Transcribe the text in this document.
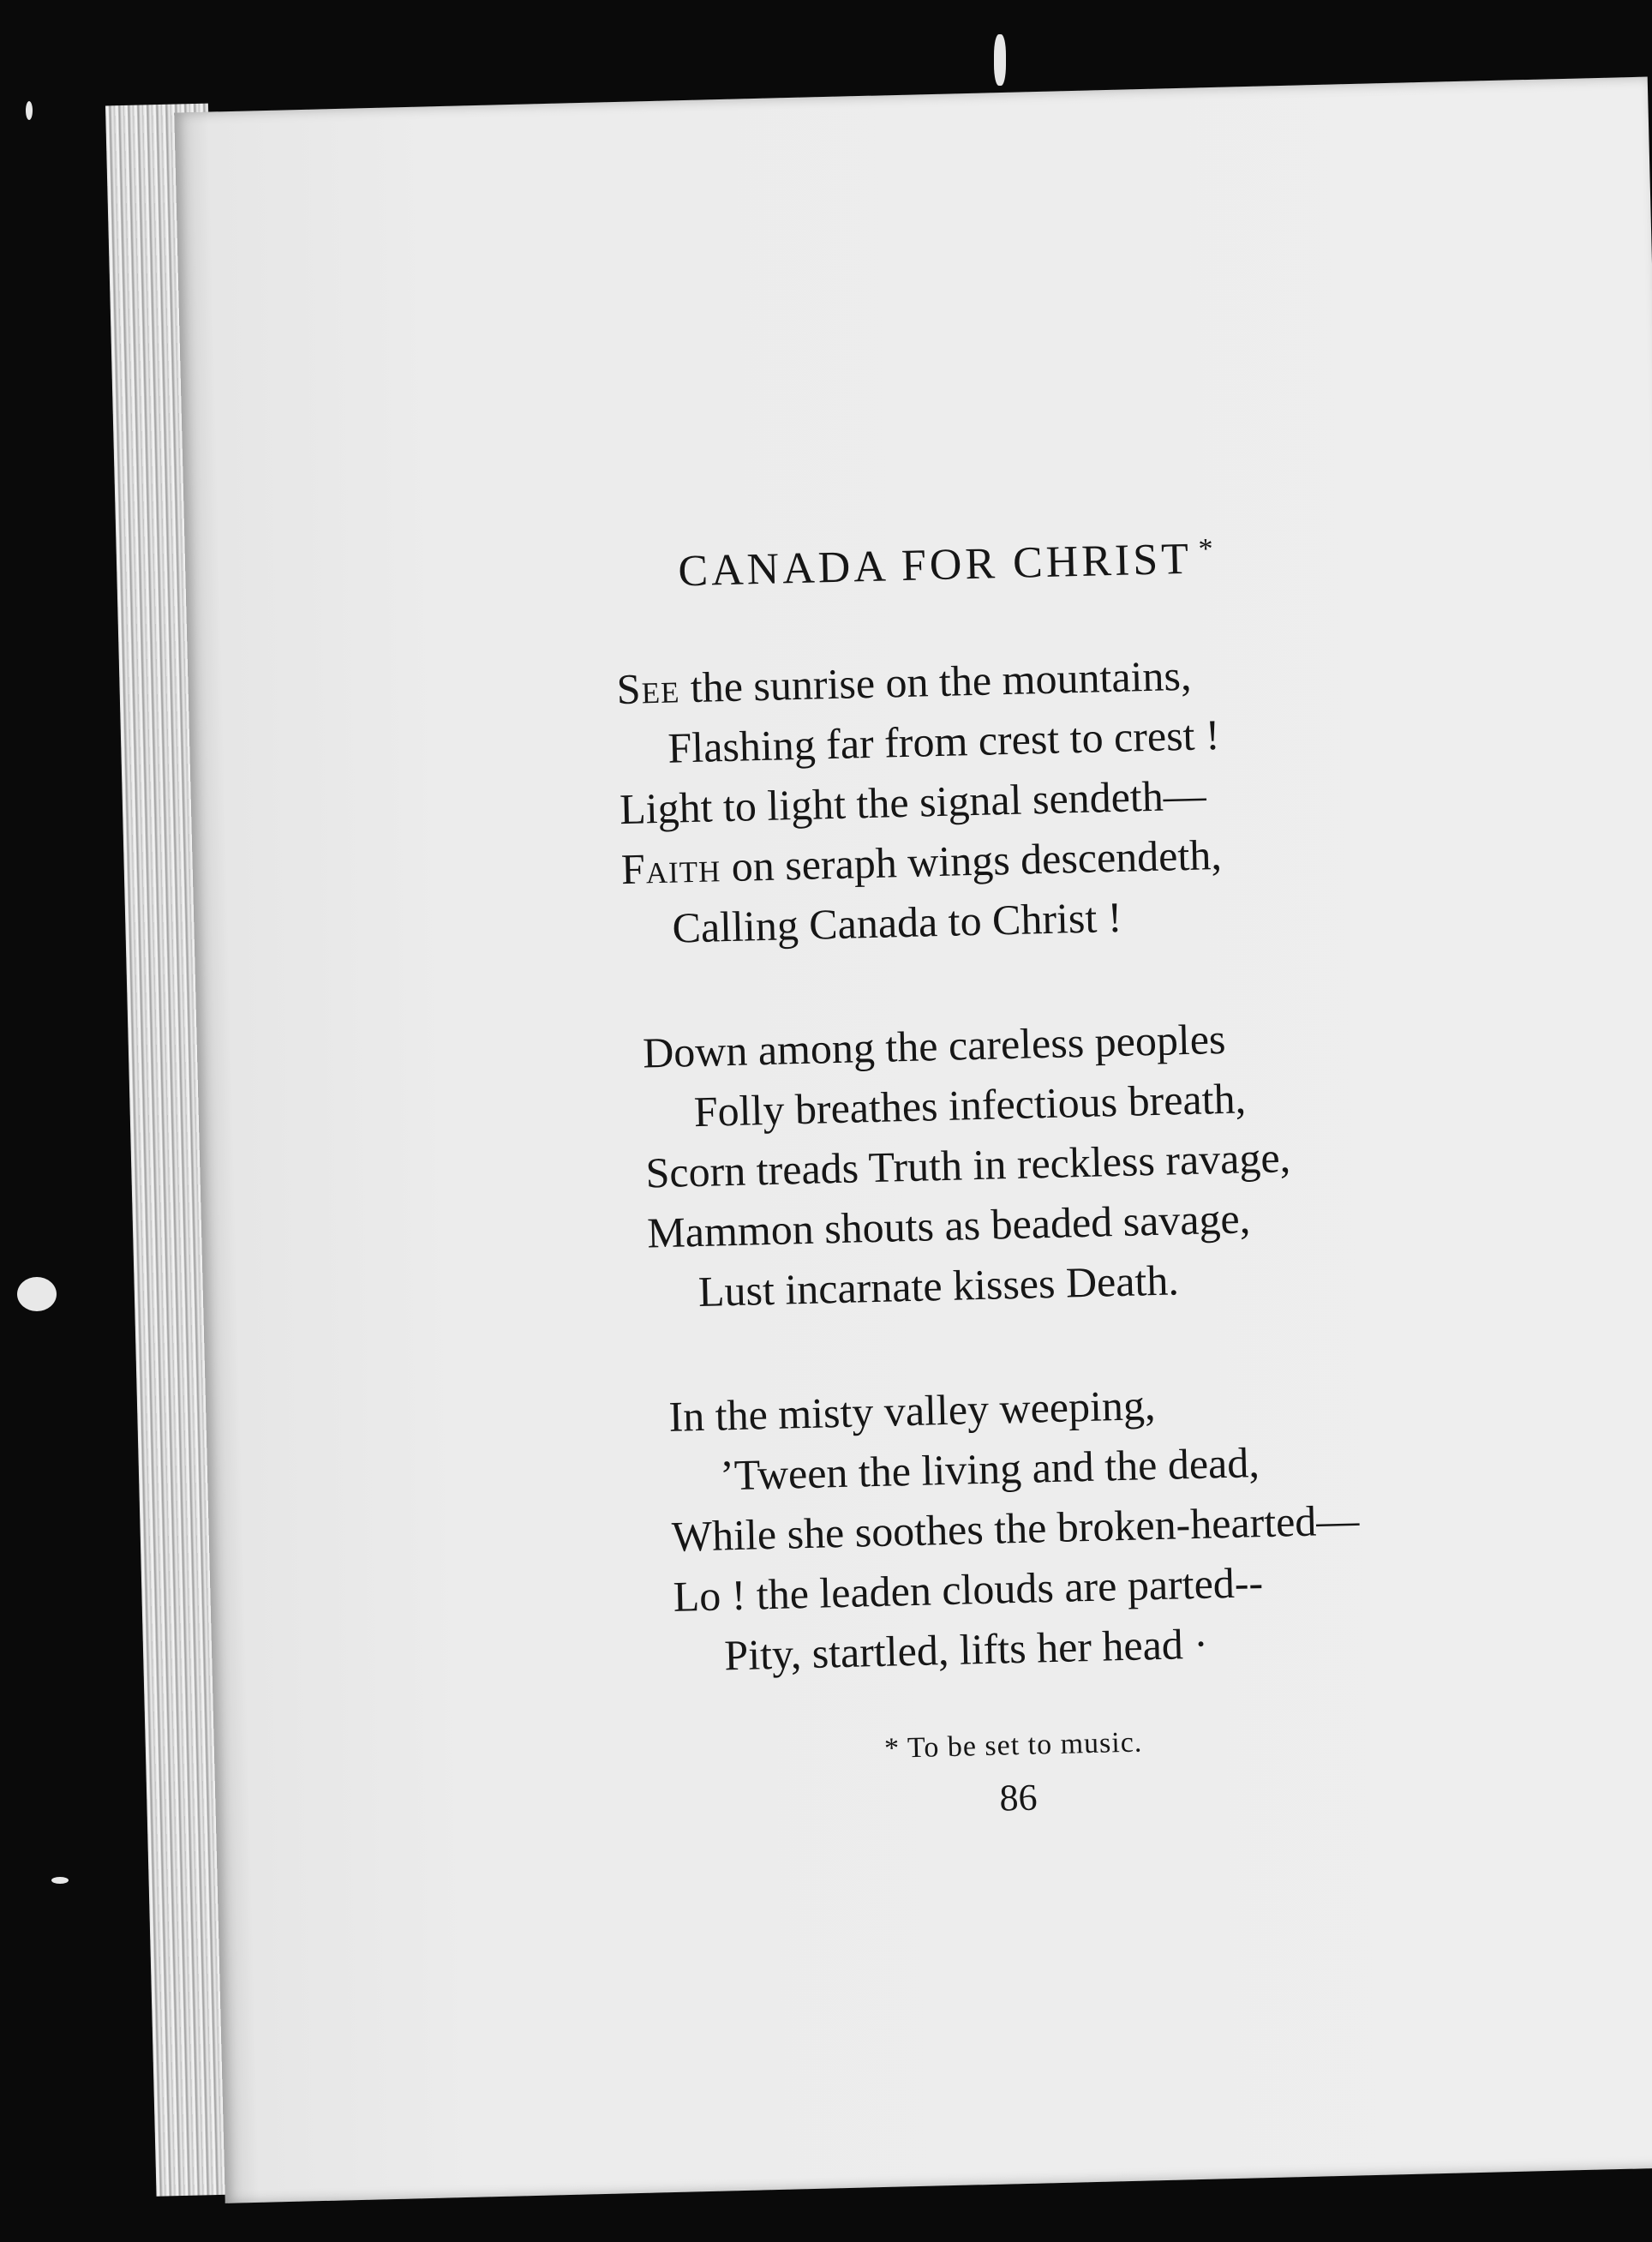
CANADA FOR CHRIST *
See the sunrise on the mountains,
Flashing far from crest to crest !
Light to light the signal sendeth—
Faith on seraph wings descendeth,
Calling Canada to Christ !
Down among the careless peoples
Folly breathes infectious breath,
Scorn treads Truth in reckless ravage,
Mammon shouts as beaded savage,
Lust incarnate kisses Death.
In the misty valley weeping,
’Tween the living and the dead,
While she soothes the broken-hearted—
Lo ! the leaden clouds are parted--
Pity, startled, lifts her head ·
* To be set to music.
86
